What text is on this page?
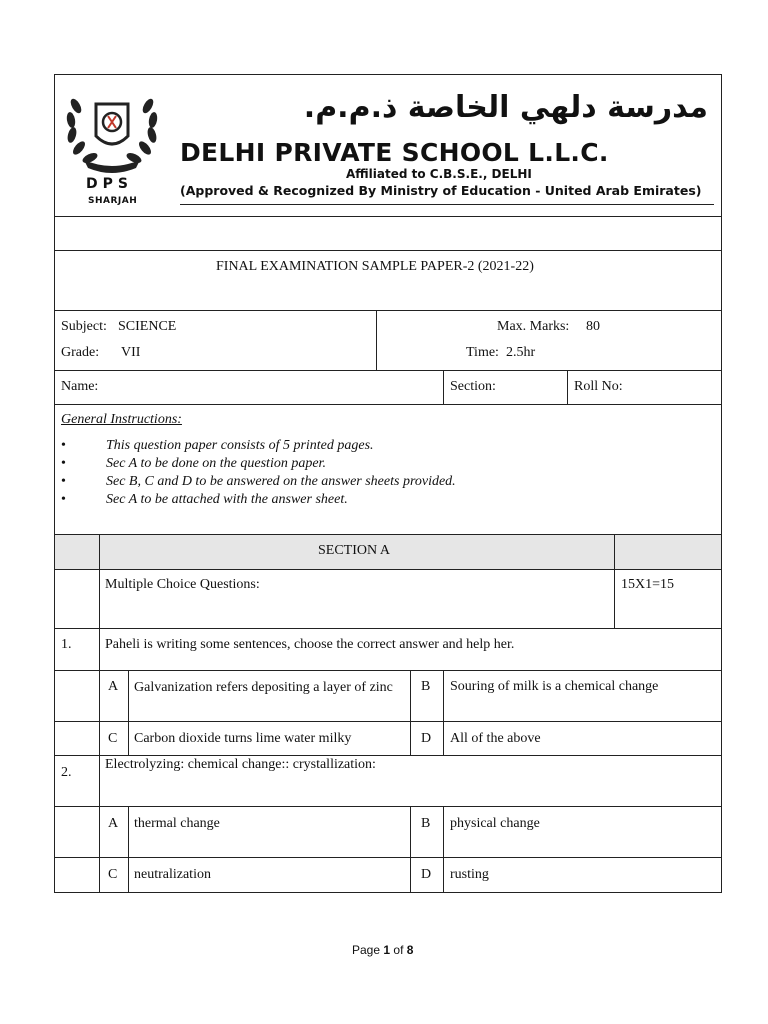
DPS
SHARJAH
مدرسة دلهي الخاصة ذ.م.م.
DELHI PRIVATE SCHOOL L.L.C.
Affiliated to C.B.S.E., DELHI
(Approved & Recognized By Ministry of Education - United Arab Emirates)
FINAL EXAMINATION SAMPLE PAPER-2 (2021-22)
Subject: SCIENCE
Grade: VII
Max. Marks: 80
Time: 2.5hr
Name:	Section:	Roll No:
General Instructions:
•	This question paper consists of 5 printed pages.
•	Sec A to be done on the question paper.
•	Sec B, C and D to be answered on the answer sheets provided.
•	Sec A to be attached with the answer sheet.
SECTION A
Multiple Choice Questions:	15X1=15
1. Paheli is writing some sentences, choose the correct answer and help her.
A Galvanization refers depositing a layer of zinc	B Souring of milk is a chemical change
C Carbon dioxide turns lime water milky	D All of the above
2.
Electrolyzing: chemical change:: crystallization:
A thermal change	B physical change
C neutralization	D rusting
Page 1 of 8
